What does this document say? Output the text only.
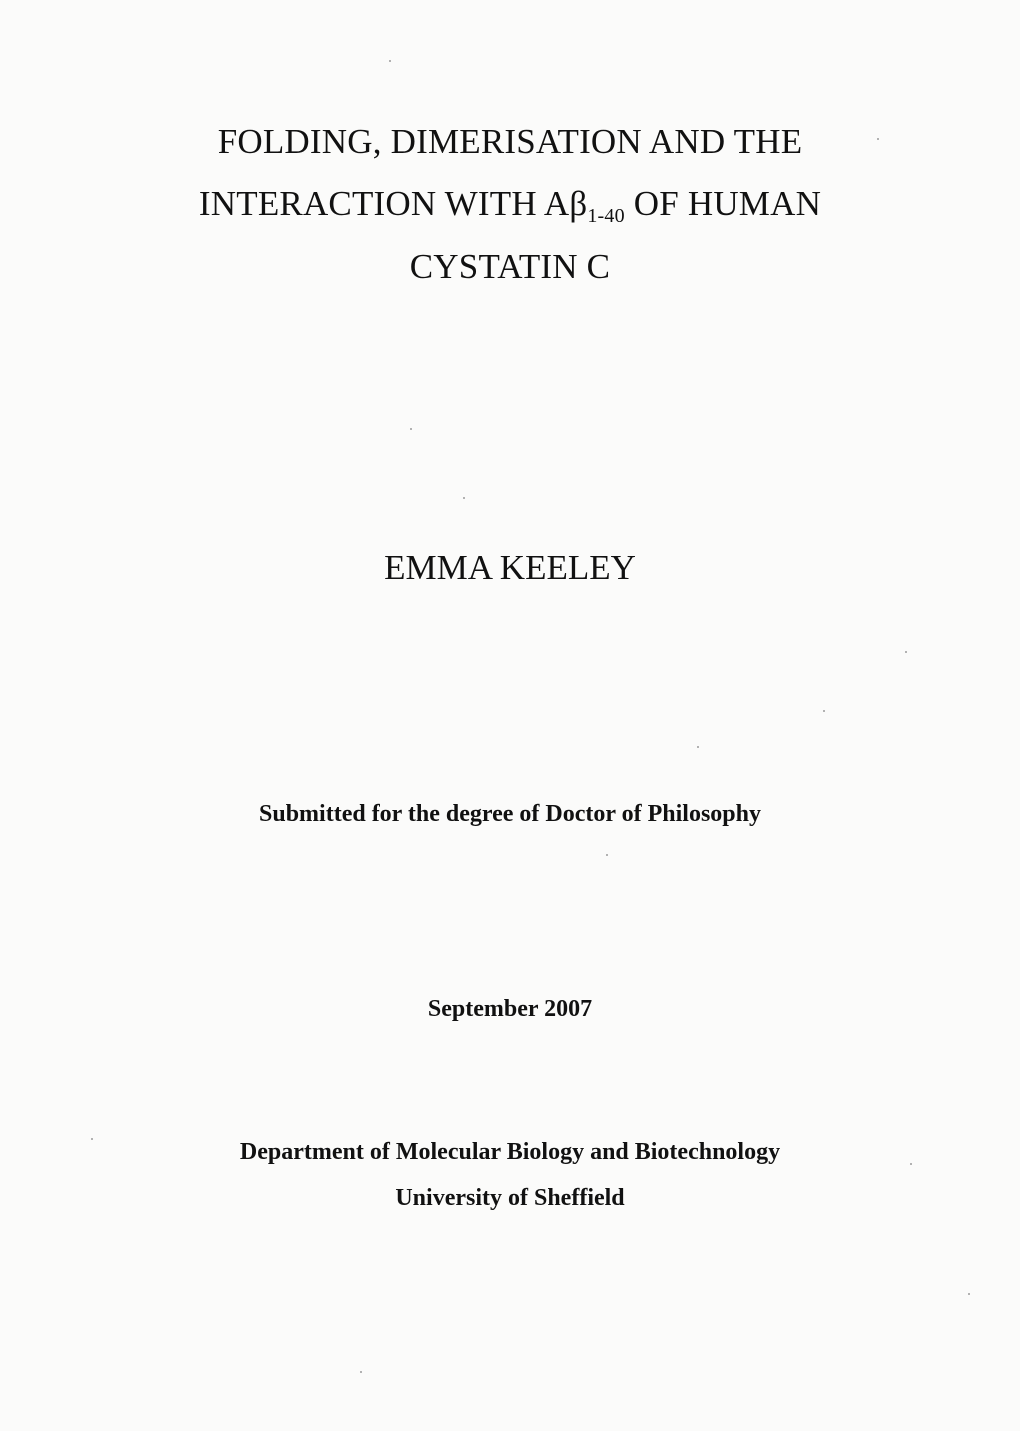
FOLDING, DIMERISATION AND THE
INTERACTION WITH $A\beta_{1-40}$ OF HUMAN
CYSTATIN C
EMMA KEELEY
Submitted for the degree of Doctor of Philosophy
September 2007
Department of Molecular Biology and Biotechnology
University of Sheffield
